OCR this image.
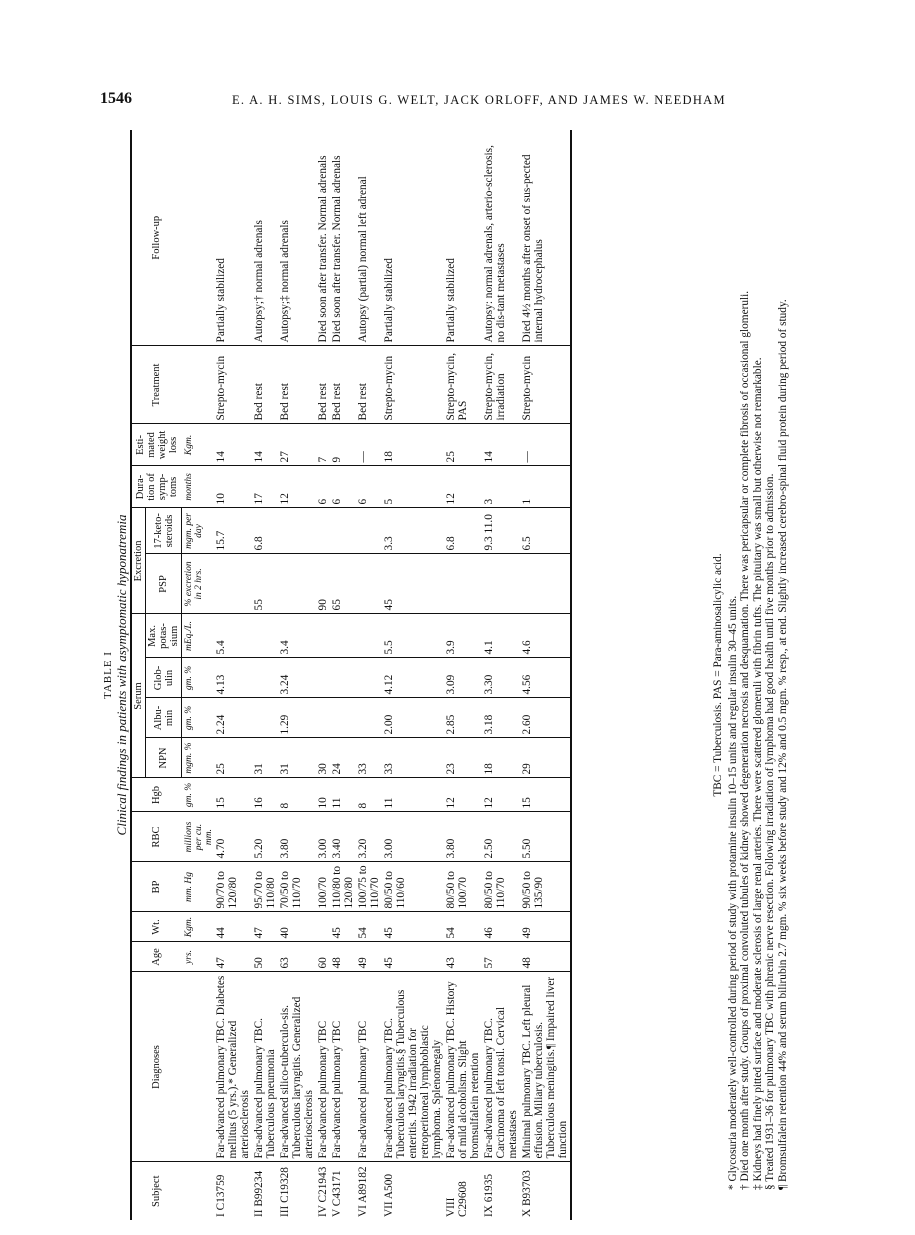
1546	E. A. H. SIMS, LOUIS G. WELT, JACK ORLOFF, AND JAMES W. NEEDHAM
TABLE I Clinical findings in patients with asymptomatic hyponatremia
Subject	Diagnoses	Age	Wt.	BP	RBC	Hgb	Serum				Excretion		Dura-tion of symp-toms	Esti-mated weight loss	Treatment	Follow-up
							NPN	Albu-min	Glob-ulin	Max. potas-sium	PSP	17-keto-steroids				
		yrs.	Kgm.	mm. Hg	millions per cu. mm.	gm. %	mgm. %	gm. %	gm. %	mEq./L.	% excretion in 2 hrs.	mgm. per day	months	Kgm.		
I C13759	Far-advanced pulmonary TBC. Diabetes mellitus (5 yrs.).* Generalized arteriosclerosis	47	44	90/70 to 120/80	4.70	15	25	2.24	4.13	5.4		15.7	10	14	Strepto-mycin	Partially stabilized
II B99234	Far-advanced pulmonary TBC. Tuberculous pneumonia	50	47	95/70 to 110/80	5.20	16	31				55	6.8	17	14	Bed rest	Autopsy;† normal adrenals
III C19328	Far-advanced silico-tuberculo-sis. Tuberculous laryngitis. Generalized arteriosclerosis	63	40	70/50 to 110/70	3.80	8	31	1.29	3.24	3.4			12	27	Bed rest	Autopsy;‡ normal adrenals
IV C21943	Far-advanced pulmonary TBC	60		100/70	3.00	10	30				90		6	7	Bed rest	Died soon after transfer. Normal adrenals
V C43171	Far-advanced pulmonary TBC	48	45	110/80 to 120/80	3.40	11	24				65		6	9	Bed rest	Died soon after transfer. Normal adrenals
VI A89182	Far-advanced pulmonary TBC	49	54	100/75 to 110/70	3.20	8	33						6	—	Bed rest	Autopsy (partial) normal left adrenal
VII A500	Far-advanced pulmonary TBC. Tuberculous laryngitis.§ Tuberculous enteritis. 1942 irradiation for retroperitoneal lymphoblastic lymphoma. Splenomegaly	45	45	80/50 to 110/60	3.00	11	33	2.00	4.12	5.5	45	3.3	5	18	Strepto-mycin	Partially stabilized
VIII C29608	Far-advanced pulmonary TBC. History of mild alcoholism. Slight bromsulfalein retention	43	54	80/50 to 100/70	3.80	12	23	2.85	3.09	3.9		6.8	12	25	Strepto-mycin, PAS	Partially stabilized
IX 61935	Far-advanced pulmonary TBC. Carcinoma of left tonsil. Cervical metastases	57	46	80/50 to 110/70	2.50	12	18	3.18	3.30	4.1		9.3 11.0	3	14	Strepto-mycin, irradiation	Autopsy: normal adrenals, arterio-sclerosis, no dis-tant metastases
X B93703	Minimal pulmonary TBC. Left pleural effusion. Miliary tuberculosis. Tuberculous meningitis.¶ Impaired liver function	48	49	90/50 to 135/90	5.50	15	29	2.60	4.56	4.6		6.5	1	—	Strepto-mycin	Died 4½ months after onset of sus-pected internal hydrocephalus
TBC = Tuberculosis. PAS = Para-aminosalicylic acid. * Glycosuria moderately well-controlled during period of study with protamine insulin 10–15 units and regular insulin 30–45 units. † Died one month after study. Groups of proximal convoluted tubules of kidney showed degeneration necrosis and desquamation. There was pericapsular or complete fibrosis of occasional glomeruli. ‡ Kidneys had finely pitted surface and moderate sclerosis of large renal arteries. There were scattered glomeruli with fibrin tufts. The pituitary was small but otherwise not remarkable. § Treated 1931–36 for pulmonary TBC with phrenic nerve resection. Following irradiation of lymphoma had good health until five months prior to admission. ¶ Bromsulfalein retention 44% and serum bilirubin 2.7 mgm. % six weeks before study and 12% and 0.5 mgm. % resp., at end. Slightly increased cerebro-spinal fluid protein during period of study.
